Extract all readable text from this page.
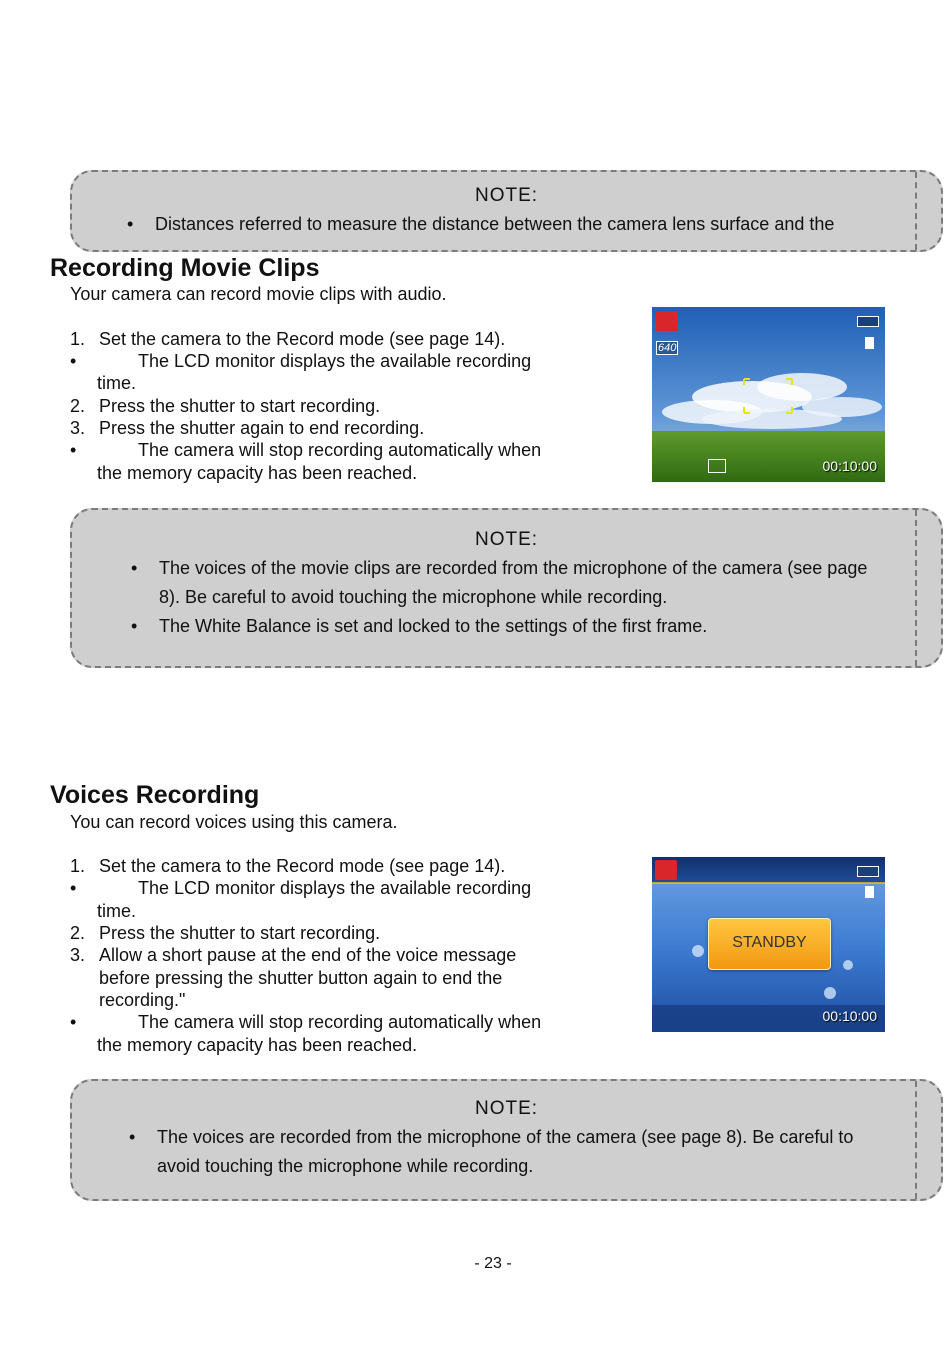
NOTE:
• Distances referred to measure the distance between the camera lens surface and the
Recording Movie Clips
Your camera can record movie clips with audio.
1. Set the camera to the Record mode (see page 14).
•	The LCD monitor displays the available recording
time.
2. Press the shutter to start recording.
3. Press the shutter again to end recording.
•	The camera will stop recording automatically when
the memory capacity has been reached.
640
00:10:00
NOTE:
• The voices of the movie clips are recorded from the microphone of the camera (see page
8). Be careful to avoid touching the microphone while recording.
• The White Balance is set and locked to the settings of the first frame.
Voices Recording
You can record voices using this camera.
1. Set the camera to the Record mode (see page 14).
•	The LCD monitor displays the available recording
time.
2. Press the shutter to start recording.
3. Allow a short pause at the end of the voice message
before pressing the shutter button again to end the
recording."
•	The camera will stop recording automatically when
the memory capacity has been reached.
STANDBY
00:10:00
NOTE:
• The voices are recorded from the microphone of the camera (see page 8). Be careful to
avoid touching the microphone while recording.
- 23 -
